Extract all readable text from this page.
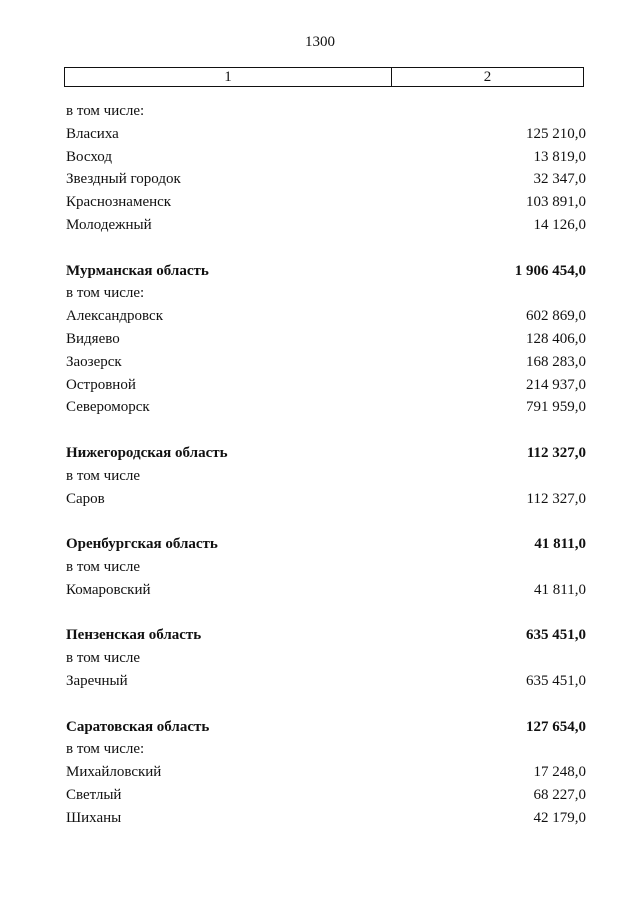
1300
1	2
в том числе:
Власиха	125 210,0
Восход	13 819,0
Звездный городок	32 347,0
Краснознаменск	103 891,0
Молодежный	14 126,0
Мурманская область	1 906 454,0
в том числе:
Александровск	602 869,0
Видяево	128 406,0
Заозерск	168 283,0
Островной	214 937,0
Североморск	791 959,0
Нижегородская область	112 327,0
в том числе
Саров	112 327,0
Оренбургская область	41 811,0
в том числе
Комаровский	41 811,0
Пензенская область	635 451,0
в том числе
Заречный	635 451,0
Саратовская область	127 654,0
в том числе:
Михайловский	17 248,0
Светлый	68 227,0
Шиханы	42 179,0
